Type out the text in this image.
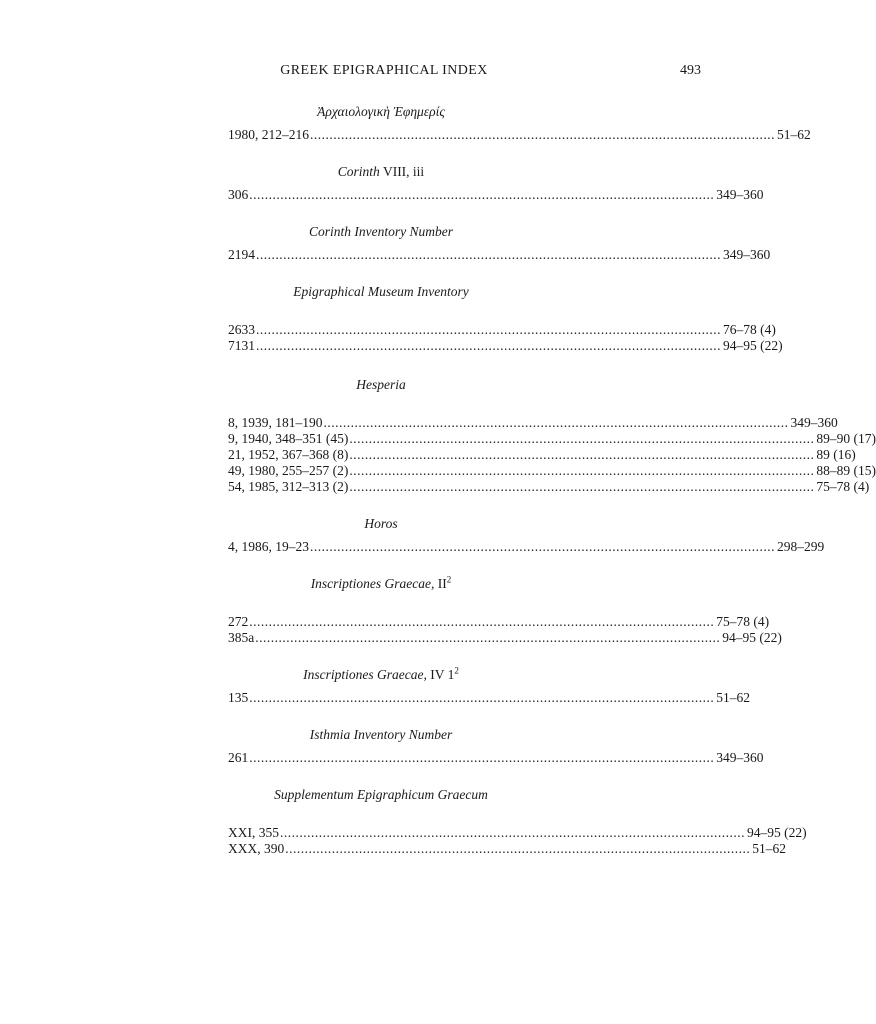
GREEK EPIGRAPHICAL INDEX	493
Ἀρχαιολογικὴ Ἐφημερίς
1980, 212–216 ........................................................................................................................ 51–62
Corinth VIII, iii
306 ........................................................................................................................ 349–360
Corinth Inventory Number
2194 ........................................................................................................................ 349–360
Epigraphical Museum Inventory
2633 ........................................................................................................................ 76–78 (4)
7131 ........................................................................................................................ 94–95 (22)
Hesperia
8, 1939, 181–190 ........................................................................................................................ 349–360
9, 1940, 348–351 (45) ........................................................................................................................ 89–90 (17)
21, 1952, 367–368 (8) ........................................................................................................................ 89 (16)
49, 1980, 255–257 (2) ........................................................................................................................ 88–89 (15)
54, 1985, 312–313 (2) ........................................................................................................................ 75–78 (4)
Horos
4, 1986, 19–23 ........................................................................................................................ 298–299
Inscriptiones Graecae, $II^2$
272 ........................................................................................................................ 75–78 (4)
385a ........................................................................................................................ 94–95 (22)
Inscriptiones Graecae, IV $1^2$
135 ........................................................................................................................ 51–62
Isthmia Inventory Number
261 ........................................................................................................................ 349–360
Supplementum Epigraphicum Graecum
XXI, 355 ........................................................................................................................ 94–95 (22)
XXX, 390 ........................................................................................................................ 51–62
